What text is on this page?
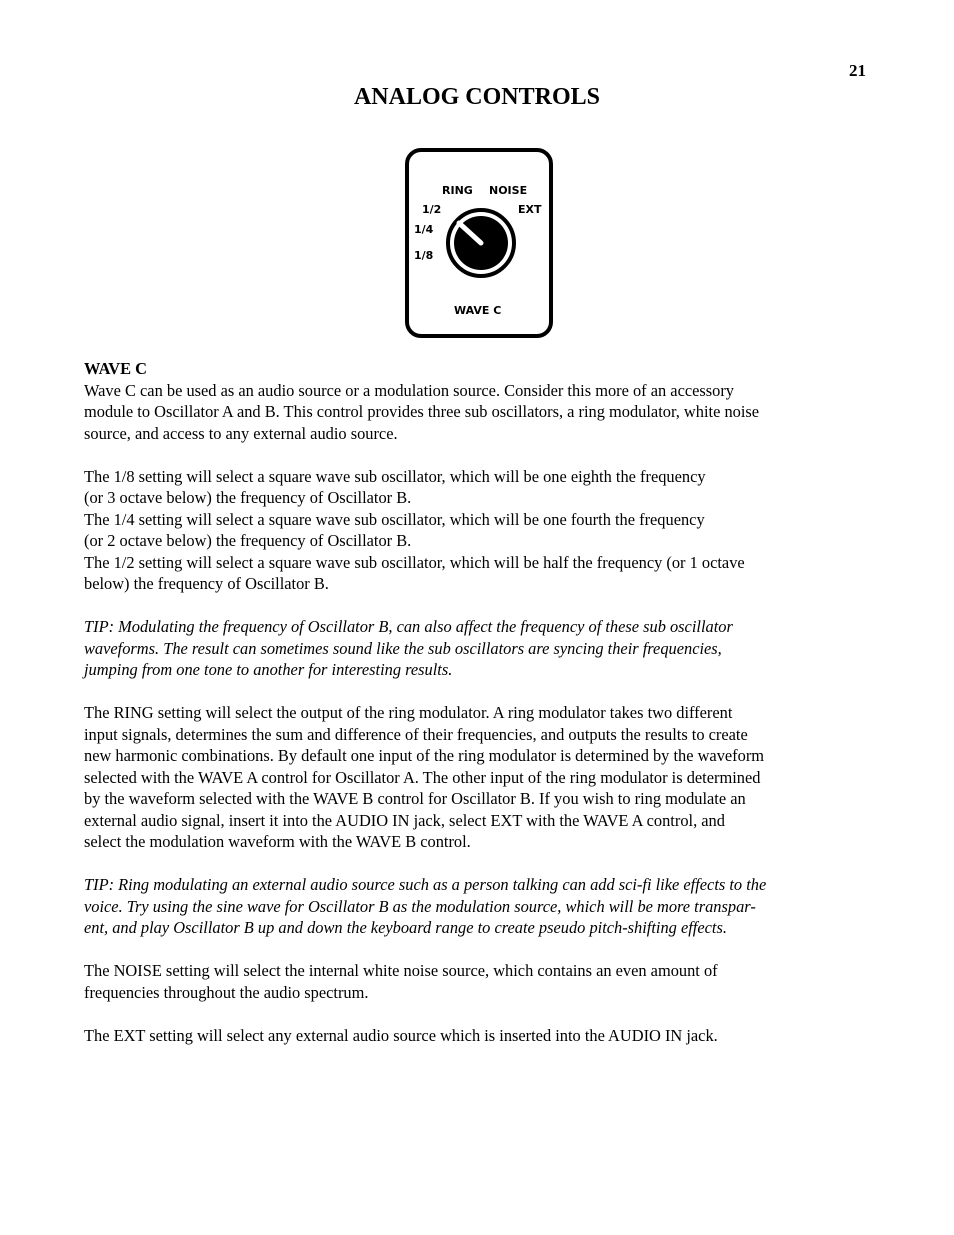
21
ANALOG CONTROLS
RING NOISE
1/2	EXT
1/4
1/8
WAVE C

WAVE C

Wave C can be used as an audio source or a modulation source. Consider this more of an accessory
module to Oscillator A and B. This control provides three sub oscillators, a ring modulator, white noise
source, and access to any external audio source.
The 1/8 setting will select a square wave sub oscillator, which will be one eighth the frequency
(or 3 octave below) the frequency of Oscillator B.
The 1/4 setting will select a square wave sub oscillator, which will be one fourth the frequency
(or 2 octave below) the frequency of Oscillator B.
The 1/2 setting will select a square wave sub oscillator, which will be half the frequency (or 1 octave
below) the frequency of Oscillator B.
TIP: Modulating the frequency of Oscillator B, can also affect the frequency of these sub oscillator
waveforms. The result can sometimes sound like the sub oscillators are syncing their frequencies,
jumping from one tone to another for interesting results.
The RING setting will select the output of the ring modulator. A ring modulator takes two different
input signals, determines the sum and difference of their frequencies, and outputs the results to create
new harmonic combinations. By default one input of the ring modulator is determined by the waveform
selected with the WAVE A control for Oscillator A. The other input of the ring modulator is determined
by the waveform selected with the WAVE B control for Oscillator B. If you wish to ring modulate an
external audio signal, insert it into the AUDIO IN jack, select EXT with the WAVE A control, and
select the modulation waveform with the WAVE B control.
TIP: Ring modulating an external audio source such as a person talking can add sci-fi like effects to the
voice. Try using the sine wave for Oscillator B as the modulation source, which will be more transpar-
ent, and play Oscillator B up and down the keyboard range to create pseudo pitch-shifting effects.
The NOISE setting will select the internal white noise source, which contains an even amount of
frequencies throughout the audio spectrum.
The EXT setting will select any external audio source which is inserted into the AUDIO IN jack.
